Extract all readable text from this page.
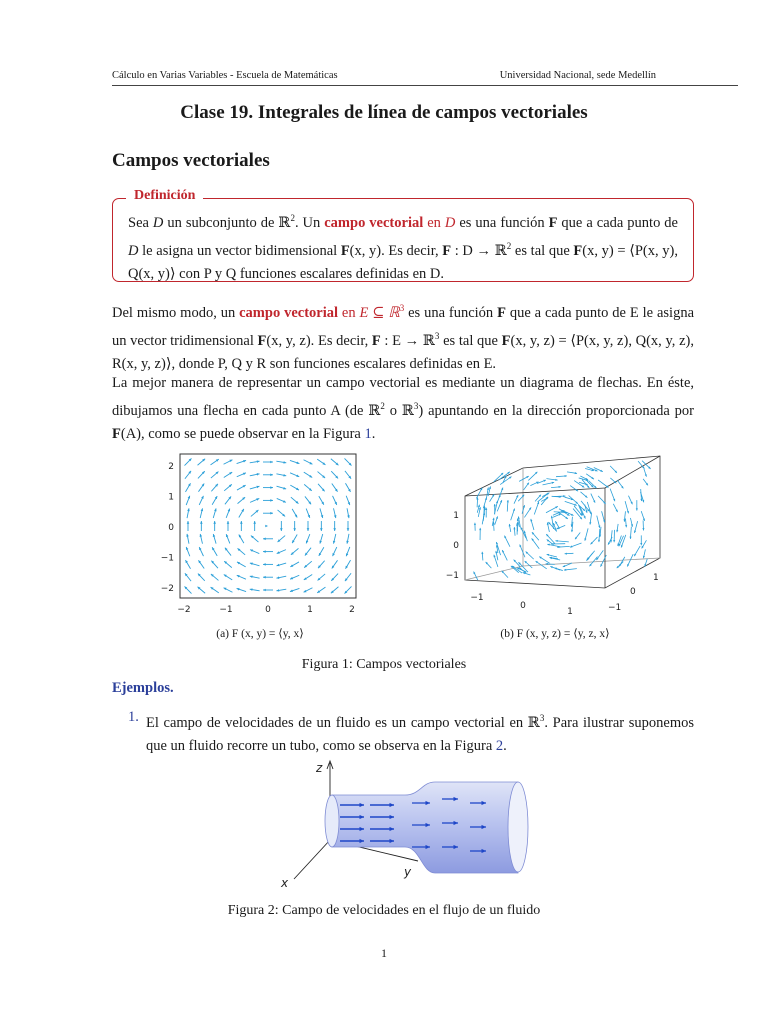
Cálculo en Varias Variables - Escuela de Matemáticas	Universidad Nacional, sede Medellín
Clase 19. Integrales de línea de campos vectoriales
Campos vectoriales
Definición
Sea D un subconjunto de ℝ$^2$. Un campo vectorial en D es una función F que a cada punto de D le asigna un vector bidimensional F(x, y). Es decir, F : D → ℝ$^2$ es tal que F(x, y) = ⟨P(x, y), Q(x, y)⟩ con P y Q funciones escalares definidas en D.
Del mismo modo, un campo vectorial en E ⊆ ℝ$^3$ es una función F que a cada punto de E le asigna un vector tridimensional F(x, y, z). Es decir, F : E → ℝ$^3$ es tal que F(x, y, z) = ⟨P(x, y, z), Q(x, y, z), R(x, y, z)⟩, donde P, Q y R son funciones escalares definidas en E.
La mejor manera de representar un campo vectorial es mediante un diagrama de flechas. En éste, dibujamos una flecha en cada punto A (de ℝ$^2$ o ℝ$^3$) apuntando en la dirección proporcionada por F(A), como se puede observar en la Figura 1.
−2	−1	0	1	2
2
1
0
−1
−2
(a) F (x, y) = ⟨y, x⟩
1
0
−1
−1
0
1
1
0
−1
(b) F (x, y, z) = ⟨y, z, x⟩
Figura 1: Campos vectoriales
Ejemplos.
1. El campo de velocidades de un fluido es un campo vectorial en ℝ$^3$. Para ilustrar suponemos que un fluido recorre un tubo, como se observa en la Figura 2.
z
y
x
Figura 2: Campo de velocidades en el flujo de un fluido
1
